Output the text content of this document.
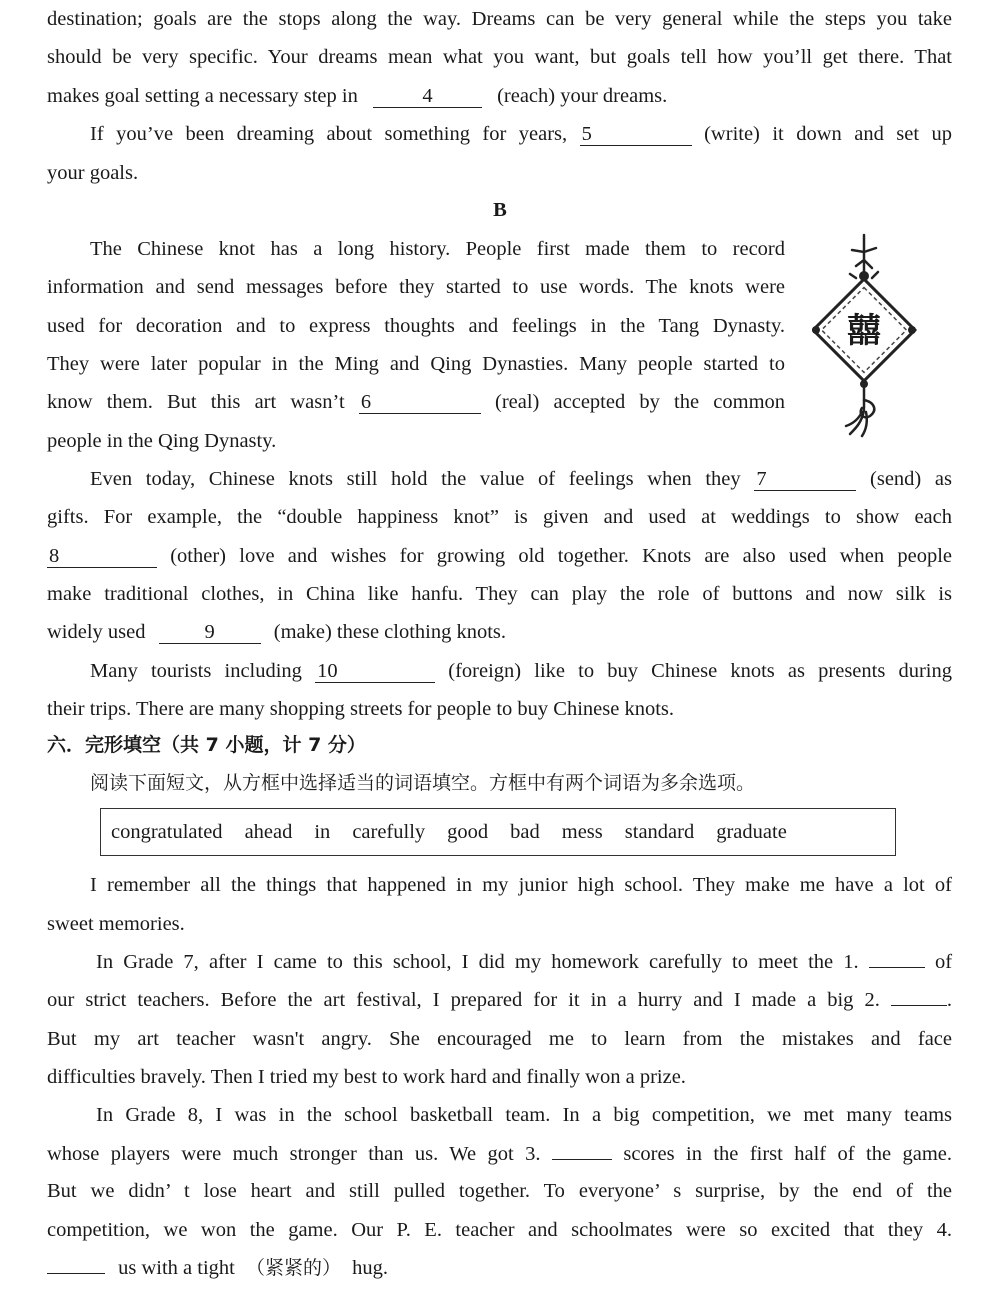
destination; goals are the stops along the way. Dreams can be very general while the steps you take
should be very specific. Your dreams mean what you want, but goals tell how you’ll get there. That
makes goal setting a necessary step in	4	(reach) your dreams.
If you’ve been dreaming about something for years, 5	(write) it down and set up
your goals.
B
The Chinese knot has a long history. People first made them to record
information and send messages before they started to use words. The knots were
used for decoration and to express thoughts and feelings in the Tang Dynasty.
They were later popular in the Ming and Qing Dynasties. Many people started to
know them. But this art wasn’t 6	(real) accepted by the common
people in the Qing Dynasty.
囍
Even today, Chinese knots still hold the value of feelings when they 7	(send) as
gifts. For example, the “double happiness knot” is given and used at weddings to show each
8	(other) love and wishes for growing old together. Knots are also used when people
make traditional clothes, in China like hanfu. They can play the role of buttons and now silk is
widely used	9	(make) these clothing knots.
Many tourists including 10	(foreign) like to buy Chinese knots as presents during
their trips. There are many shopping streets for people to buy Chinese knots.
六．完形填空（共 7 小题，计 7 分）
阅读下面短文，从方框中选择适当的词语填空。方框中有两个词语为多余选项。
congratulated ahead in carefully good bad mess standard graduate
I remember all the things that happened in my junior high school. They make me have a lot of
sweet memories.
In Grade 7, after I came to this school, I did my homework carefully to meet the 1.	of
our strict teachers. Before the art festival, I prepared for it in a hurry and I made a big 2.	.
But my art teacher wasn't angry. She encouraged me to learn from the mistakes and face
difficulties bravely. Then I tried my best to work hard and finally won a prize.
In Grade 8, I was in the school basketball team. In a big competition, we met many teams
whose players were much stronger than us. We got 3.	scores in the first half of the game.
But we didn’ t lose heart and still pulled together. To everyone’ s surprise, by the end of the
competition, we won the game. Our P. E. teacher and schoolmates were so excited that they 4.
us with a tight （紧紧的） hug.
